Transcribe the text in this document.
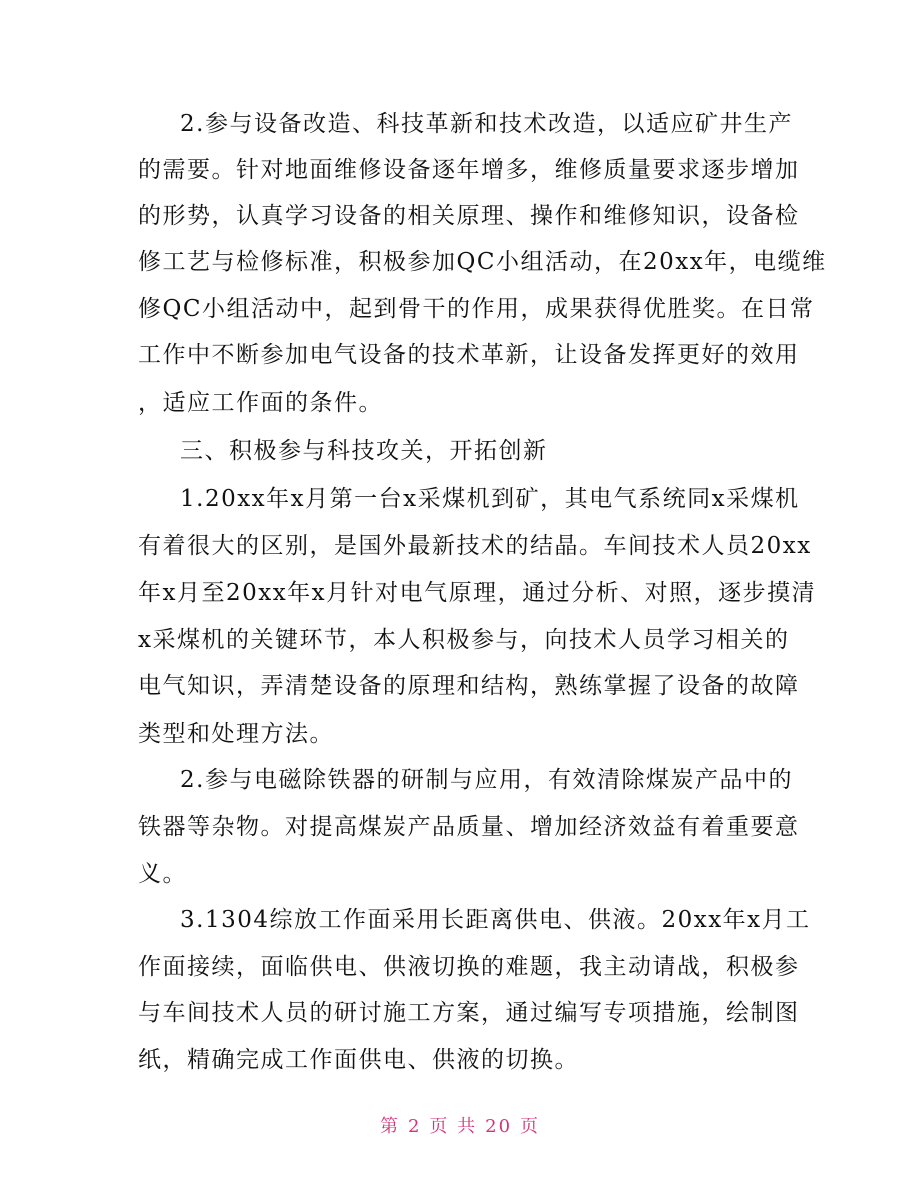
2.参与设备改造、科技革新和技术改造，以适应矿井生产
的需要。针对地面维修设备逐年增多，维修质量要求逐步增加
的形势，认真学习设备的相关原理、操作和维修知识，设备检
修工艺与检修标准，积极参加QC小组活动，在20xx年，电缆维
修QC小组活动中，起到骨干的作用，成果获得优胜奖。在日常
工作中不断参加电气设备的技术革新，让设备发挥更好的效用
，适应工作面的条件。
三、积极参与科技攻关，开拓创新
1.20xx年x月第一台x采煤机到矿，其电气系统同x采煤机
有着很大的区别，是国外最新技术的结晶。车间技术人员20xx
年x月至20xx年x月针对电气原理，通过分析、对照，逐步摸清
x采煤机的关键环节，本人积极参与，向技术人员学习相关的
电气知识，弄清楚设备的原理和结构，熟练掌握了设备的故障
类型和处理方法。
2.参与电磁除铁器的研制与应用，有效清除煤炭产品中的
铁器等杂物。对提高煤炭产品质量、增加经济效益有着重要意
义。
3.1304综放工作面采用长距离供电、供液。20xx年x月工
作面接续，面临供电、供液切换的难题，我主动请战，积极参
与车间技术人员的研讨施工方案，通过编写专项措施，绘制图
纸，精确完成工作面供电、供液的切换。
第 2 页 共 20 页
